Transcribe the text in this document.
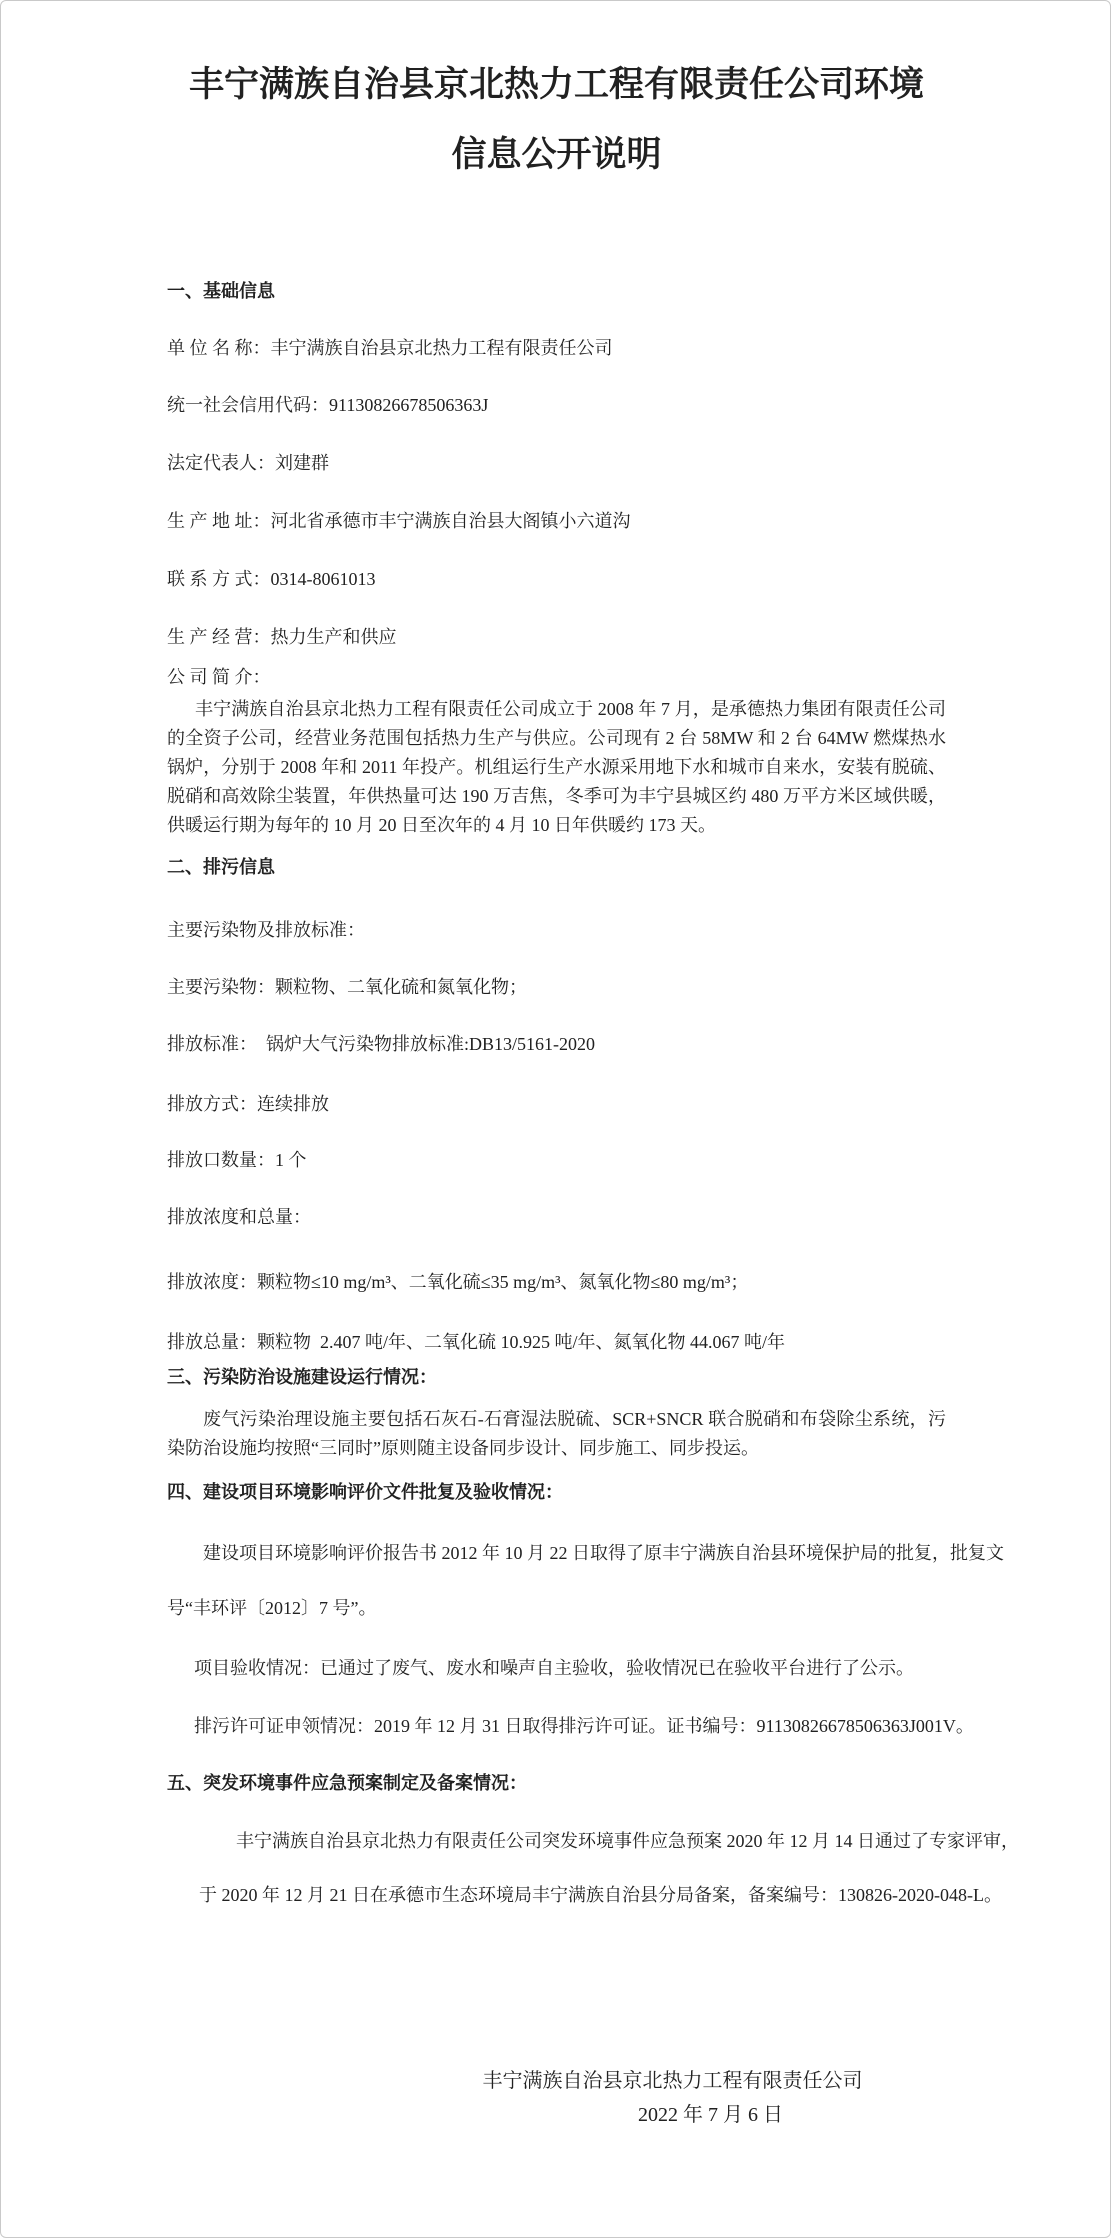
丰宁满族自治县京北热力工程有限责任公司环境
信息公开说明
一、基础信息
单 位 名 称：丰宁满族自治县京北热力工程有限责任公司
统一社会信用代码：91130826678506363J
法定代表人：刘建群
生 产 地 址：河北省承德市丰宁满族自治县大阁镇小六道沟
联 系 方 式：0314-8061013
生 产 经 营：热力生产和供应
公 司 简 介：
丰宁满族自治县京北热力工程有限责任公司成立于 2008 年 7 月，是承德热力集团有限责任公司的全资子公司，经营业务范围包括热力生产与供应。公司现有 2 台 58MW 和 2 台 64MW 燃煤热水锅炉，分别于 2008 年和 2011 年投产。机组运行生产水源采用地下水和城市自来水，安装有脱硫、脱硝和高效除尘装置，年供热量可达 190 万吉焦，冬季可为丰宁县城区约 480 万平方米区域供暖，供暖运行期为每年的 10 月 20 日至次年的 4 月 10 日年供暖约 173 天。
二、排污信息
主要污染物及排放标准：
主要污染物：颗粒物、二氧化硫和氮氧化物；
排放标准：  锅炉大气污染物排放标准:DB13/5161-2020
排放方式：连续排放
排放口数量：1 个
排放浓度和总量：
排放浓度：颗粒物≤10 mg/m³、二氧化硫≤35 mg/m³、氮氧化物≤80 mg/m³；
排放总量：颗粒物  2.407 吨/年、二氧化硫 10.925 吨/年、氮氧化物 44.067 吨/年
三、污染防治设施建设运行情况：
废气污染治理设施主要包括石灰石-石膏湿法脱硫、SCR+SNCR 联合脱硝和布袋除尘系统，污染防治设施均按照“三同时”原则随主设备同步设计、同步施工、同步投运。
四、建设项目环境影响评价文件批复及验收情况：
建设项目环境影响评价报告书 2012 年 10 月 22 日取得了原丰宁满族自治县环境保护局的批复，批复文
号“丰环评〔2012〕7 号”。
项目验收情况：已通过了废气、废水和噪声自主验收，验收情况已在验收平台进行了公示。
排污许可证申领情况：2019 年 12 月 31 日取得排污许可证。证书编号：91130826678506363J001V。
五、突发环境事件应急预案制定及备案情况：
丰宁满族自治县京北热力有限责任公司突发环境事件应急预案 2020 年 12 月 14 日通过了专家评审，
于 2020 年 12 月 21 日在承德市生态环境局丰宁满族自治县分局备案，备案编号：130826-2020-048-L。
丰宁满族自治县京北热力工程有限责任公司
2022 年 7 月 6 日
